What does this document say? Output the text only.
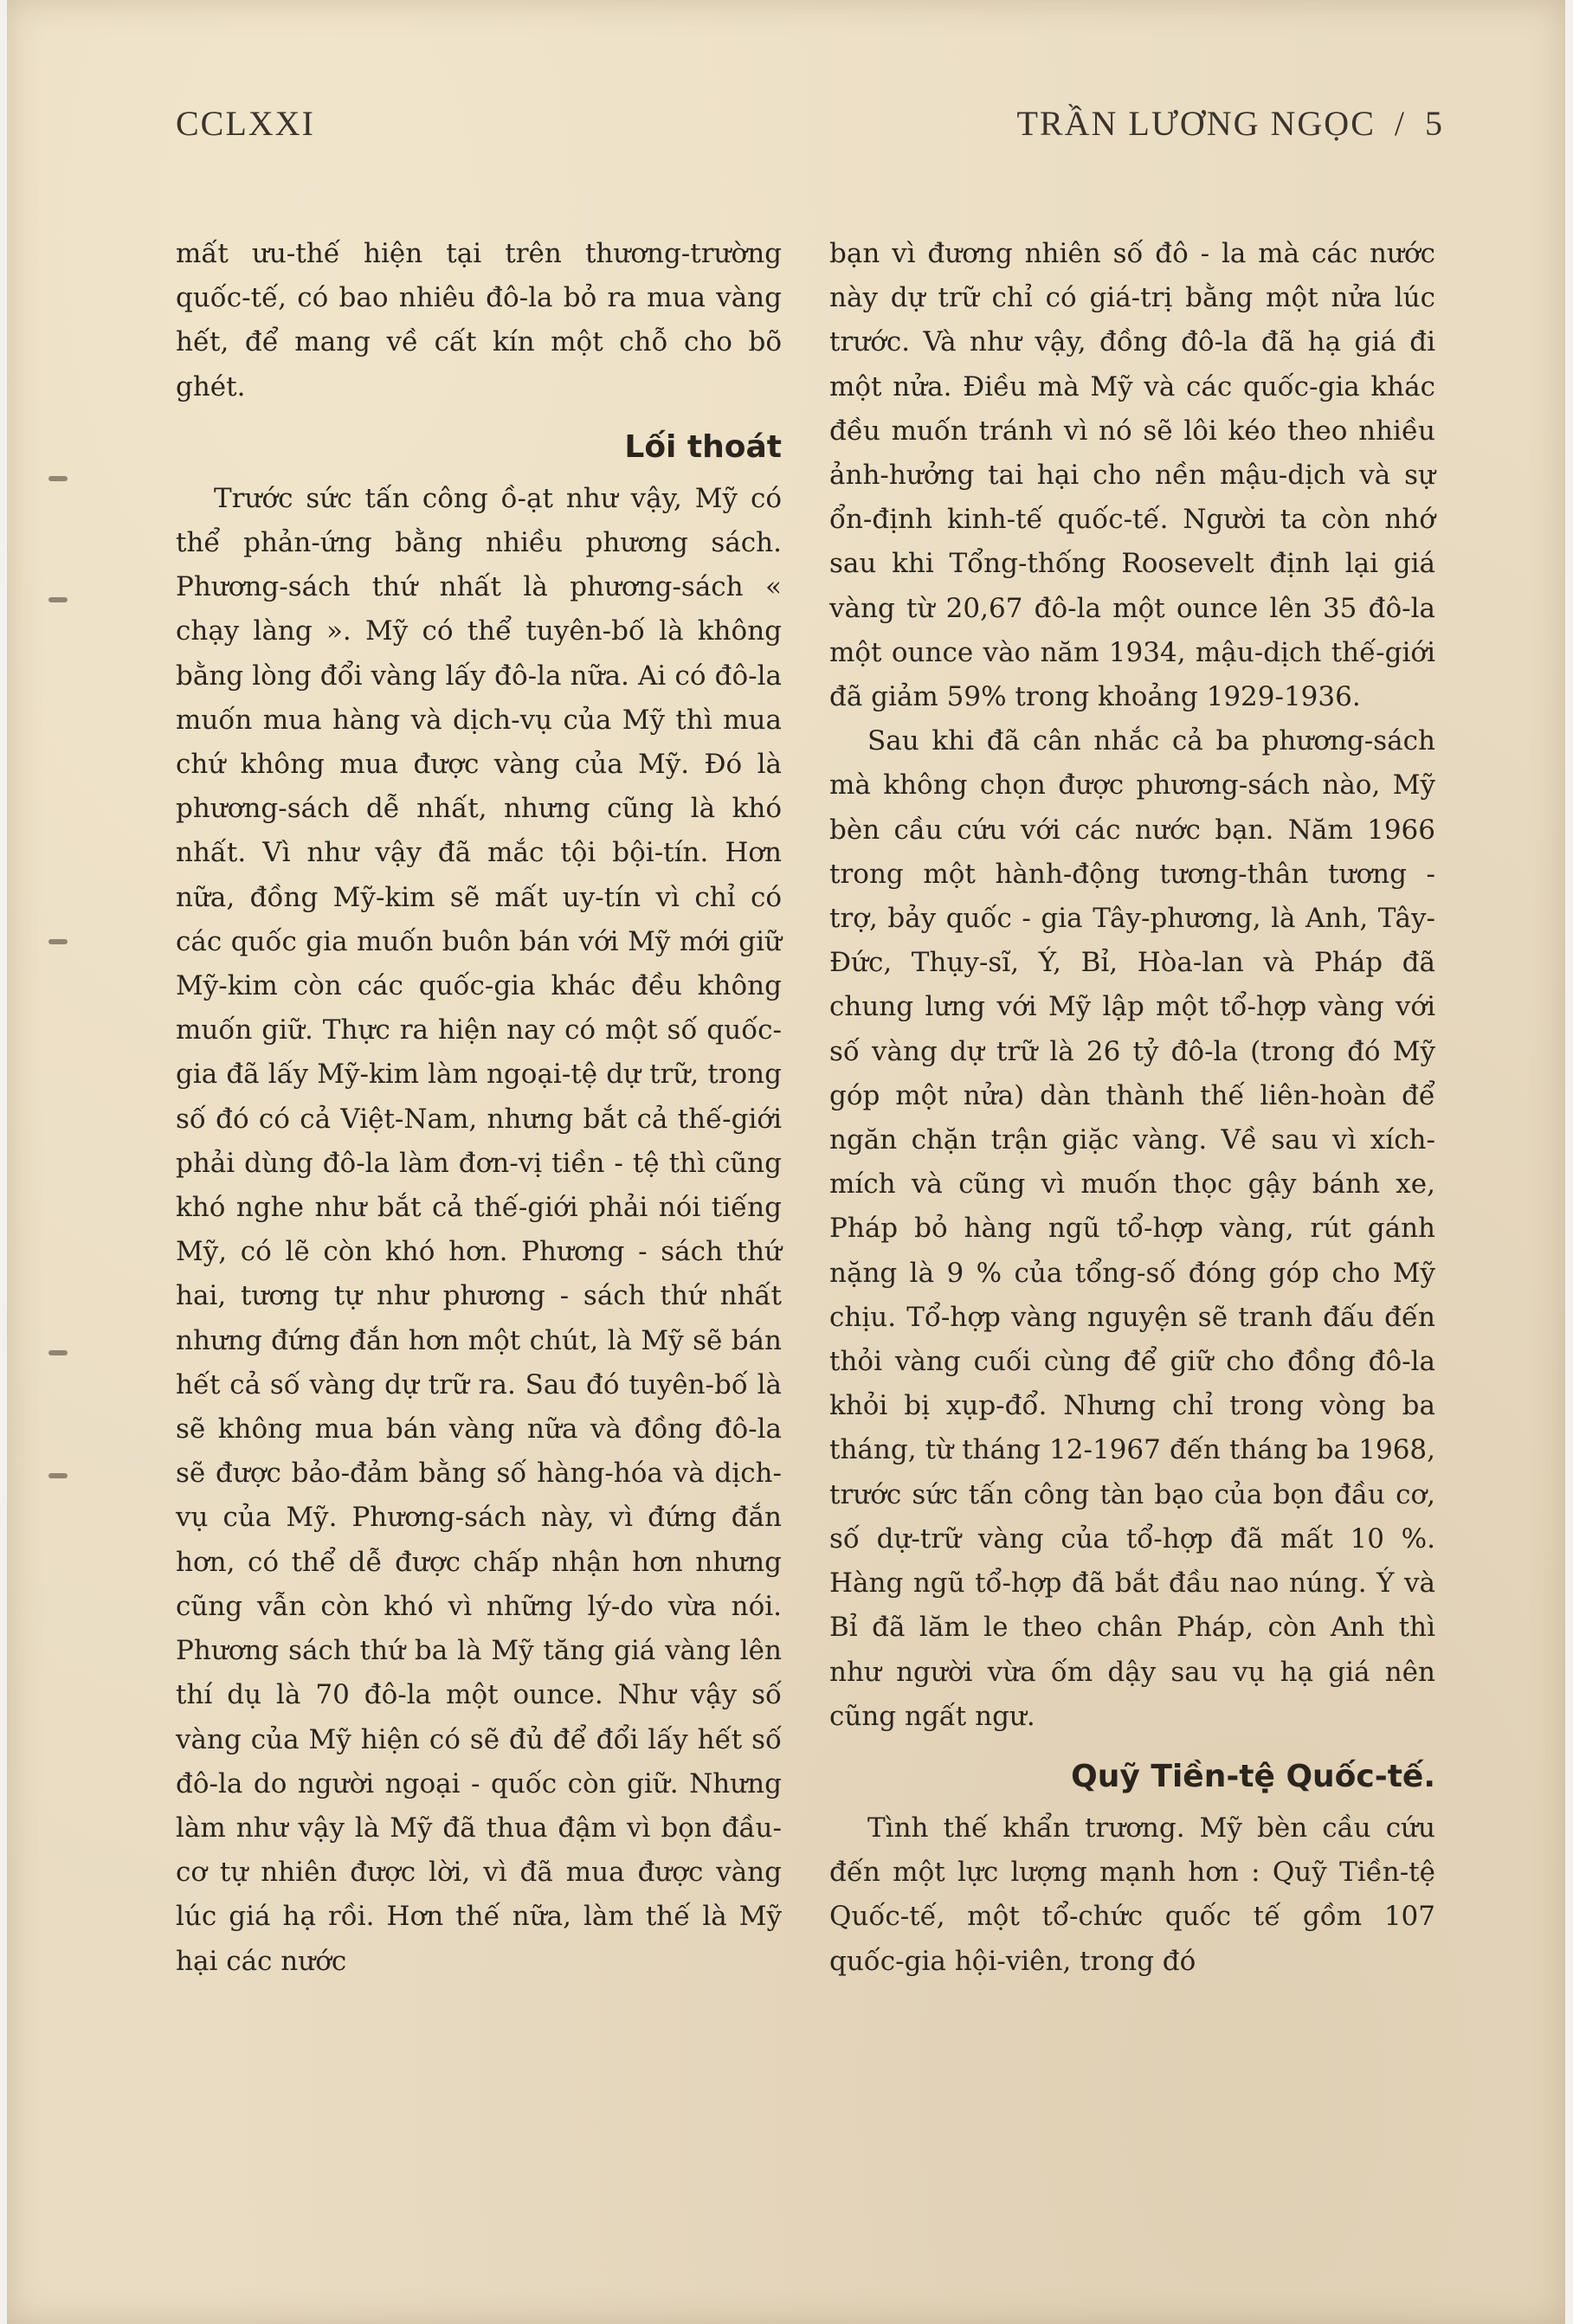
CCLXXI	TRẦN LƯƠNG NGỌC / 5

mất ưu-thế hiện tại trên thương-trường quốc-tế, có bao nhiêu đô-la bỏ ra mua vàng hết, để mang về cất kín một chỗ cho bõ ghét.

Lối thoát

Trước sức tấn công ồ-ạt như vậy, Mỹ có thể phản-ứng bằng nhiều phương sách. Phương-sách thứ nhất là phương-sách « chạy làng ». Mỹ có thể tuyên-bố là không bằng lòng đổi vàng lấy đô-la nữa. Ai có đô-la muốn mua hàng và dịch-vụ của Mỹ thì mua chứ không mua được vàng của Mỹ. Đó là phương-sách dễ nhất, nhưng cũng là khó nhất. Vì như vậy đã mắc tội bội-tín. Hơn nữa, đồng Mỹ-kim sẽ mất uy-tín vì chỉ có các quốc gia muốn buôn bán với Mỹ mới giữ Mỹ-kim còn các quốc-gia khác đều không muốn giữ. Thực ra hiện nay có một số quốc-gia đã lấy Mỹ-kim làm ngoại-tệ dự trữ, trong số đó có cả Việt-Nam, nhưng bắt cả thế-giới phải dùng đô-la làm đơn-vị tiền - tệ thì cũng khó nghe như bắt cả thế-giới phải nói tiếng Mỹ, có lẽ còn khó hơn. Phương - sách thứ hai, tương tự như phương - sách thứ nhất nhưng đứng đắn hơn một chút, là Mỹ sẽ bán hết cả số vàng dự trữ ra. Sau đó tuyên-bố là sẽ không mua bán vàng nữa và đồng đô-la sẽ được bảo-đảm bằng số hàng-hóa và dịch-vụ của Mỹ. Phương-sách này, vì đứng đắn hơn, có thể dễ được chấp nhận hơn nhưng cũng vẫn còn khó vì những lý-do vừa nói. Phương sách thứ ba là Mỹ tăng giá vàng lên thí dụ là 70 đô-la một ounce. Như vậy số vàng của Mỹ hiện có sẽ đủ để đổi lấy hết số đô-la do người ngoại - quốc còn giữ. Nhưng làm như vậy là Mỹ đã thua đậm vì bọn đầu-cơ tự nhiên được lời, vì đã mua được vàng lúc giá hạ rồi. Hơn thế nữa, làm thế là Mỹ hại các nước

bạn vì đương nhiên số đô - la mà các nước này dự trữ chỉ có giá-trị bằng một nửa lúc trước. Và như vậy, đồng đô-la đã hạ giá đi một nửa. Điều mà Mỹ và các quốc-gia khác đều muốn tránh vì nó sẽ lôi kéo theo nhiều ảnh-hưởng tai hại cho nền mậu-dịch và sự ổn-định kinh-tế quốc-tế. Người ta còn nhớ sau khi Tổng-thống Roosevelt định lại giá vàng từ 20,67 đô-la một ounce lên 35 đô-la một ounce vào năm 1934, mậu-dịch thế-giới đã giảm 59% trong khoảng 1929-1936.

Sau khi đã cân nhắc cả ba phương-sách mà không chọn được phương-sách nào, Mỹ bèn cầu cứu với các nước bạn. Năm 1966 trong một hành-động tương-thân tương - trợ, bảy quốc - gia Tây-phương, là Anh, Tây-Đức, Thụy-sĩ, Ý, Bỉ, Hòa-lan và Pháp đã chung lưng với Mỹ lập một tổ-hợp vàng với số vàng dự trữ là 26 tỷ đô-la (trong đó Mỹ góp một nửa) dàn thành thế liên-hoàn để ngăn chặn trận giặc vàng. Về sau vì xích-mích và cũng vì muốn thọc gậy bánh xe, Pháp bỏ hàng ngũ tổ-hợp vàng, rút gánh nặng là 9 % của tổng-số đóng góp cho Mỹ chịu. Tổ-hợp vàng nguyện sẽ tranh đấu đến thỏi vàng cuối cùng để giữ cho đồng đô-la khỏi bị xụp-đổ. Nhưng chỉ trong vòng ba tháng, từ tháng 12-1967 đến tháng ba 1968, trước sức tấn công tàn bạo của bọn đầu cơ, số dự-trữ vàng của tổ-hợp đã mất 10 %. Hàng ngũ tổ-hợp đã bắt đầu nao núng. Ý và Bỉ đã lăm le theo chân Pháp, còn Anh thì như người vừa ốm dậy sau vụ hạ giá nên cũng ngất ngư.

Quỹ Tiền-tệ Quốc-tế.

Tình thế khẩn trương. Mỹ bèn cầu cứu đến một lực lượng mạnh hơn : Quỹ Tiền-tệ Quốc-tế, một tổ-chức quốc tế gồm 107 quốc-gia hội-viên, trong đó
